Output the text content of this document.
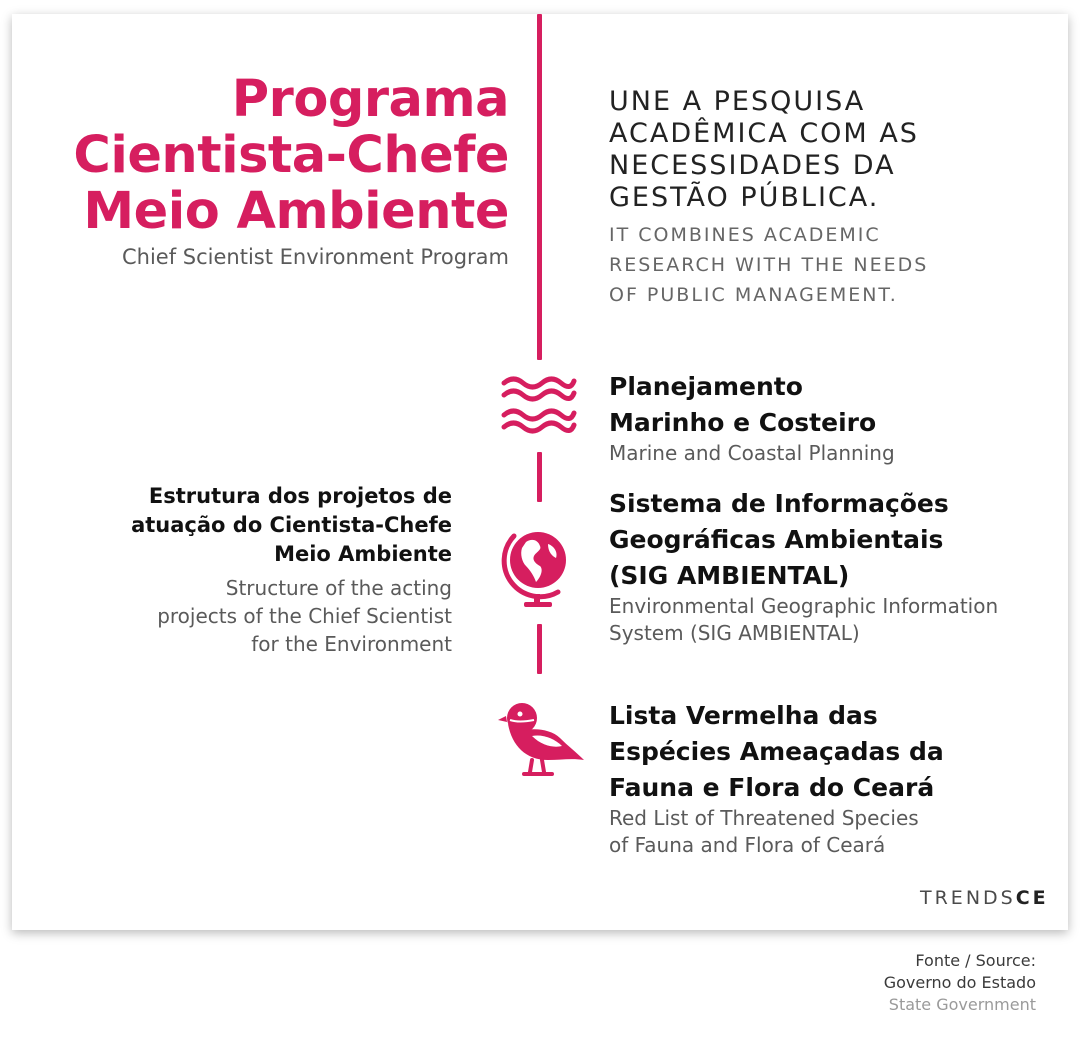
Programa
Cientista-Chefe
Meio Ambiente
Chief Scientist Environment Program
UNE A PESQUISA
ACADÊMICA COM AS
NECESSIDADES DA
GESTÃO PÚBLICA.
IT COMBINES ACADEMIC
RESEARCH WITH THE NEEDS
OF PUBLIC MANAGEMENT.
Estrutura dos projetos de
atuação do Cientista-Chefe
Meio Ambiente
Structure of the acting
projects of the Chief Scientist
for the Environment
Planejamento
Marinho e Costeiro
Marine and Coastal Planning
Sistema de Informações
Geográficas Ambientais
(SIG AMBIENTAL)
Environmental Geographic Information
System (SIG AMBIENTAL)
Lista Vermelha das
Espécies Ameaçadas da
Fauna e Flora do Ceará
Red List of Threatened Species
of Fauna and Flora of Ceará
TRENDSCE
Fonte / Source:
Governo do Estado
State Government
